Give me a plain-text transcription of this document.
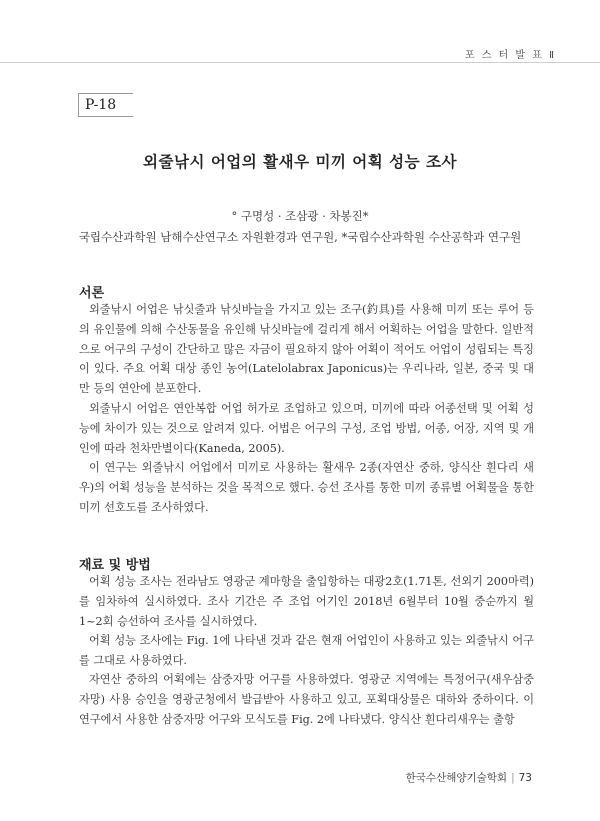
포 스 터 발 표 Ⅱ
P-18
외줄낚시 어업의 활새우 미끼 어획 성능 조사
° 구명성 · 조삼광 · 차봉진*
국립수산과학원 남해수산연구소 자원환경과 연구원, *국립수산과학원 수산공학과 연구원
서론

외줄낚시 어업은 낚싯줄과 낚싯바늘을 가지고 있는 조구(釣具)를 사용해 미끼 또는 루어 등의 유인물에 의해 수산동물을 유인해 낚싯바늘에 걸리게 해서 어획하는 어업을 말한다. 일반적으로 어구의 구성이 간단하고 많은 자금이 필요하지 않아 어획이 적어도 어업이 성립되는 특징이 있다. 주요 어획 대상 종인 농어(Latelolabrax Japonicus)는 우리나라, 일본, 중국 및 대만 등의 연안에 분포한다.

외줄낚시 어업은 연안복합 어업 허가로 조업하고 있으며, 미끼에 따라 어종선택 및 어획 성능에 차이가 있는 것으로 알려져 있다. 어법은 어구의 구성, 조업 방법, 어종, 어장, 지역 및 개인에 따라 천차만별이다(Kaneda, 2005).

이 연구는 외줄낚시 어업에서 미끼로 사용하는 활새우 2종(자연산 중하, 양식산 흰다리 새우)의 어획 성능을 분석하는 것을 목적으로 했다. 승선 조사를 통한 미끼 종류별 어획물을 통한 미끼 선호도를 조사하였다.

재료 및 방법

어획 성능 조사는 전라남도 영광군 계마항을 출입항하는 대광2호(1.71톤, 선외기 200마력)를 임차하여 실시하였다. 조사 기간은 주 조업 어기인 2018년 6월부터 10월 중순까지 월 1~2회 승선하여 조사를 실시하였다.

어획 성능 조사에는 Fig. 1에 나타낸 것과 같은 현재 어업인이 사용하고 있는 외줄낚시 어구를 그대로 사용하였다.

자연산 중하의 어획에는 삼중자망 어구를 사용하였다. 영광군 지역에는 특정어구(새우삼중자망) 사용 승인을 영광군청에서 발급받아 사용하고 있고, 포획대상물은 대하와 중하이다. 이 연구에서 사용한 삼중자망 어구와 모식도를 Fig. 2에 나타냈다. 양식산 흰다리새우는 출항

한국수산해양기술학회 | 73
